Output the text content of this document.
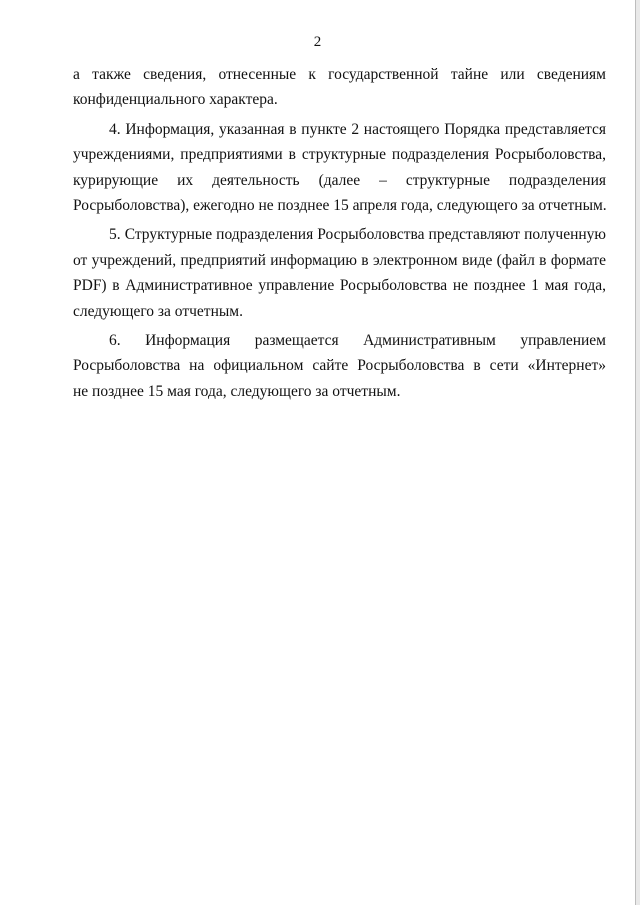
2

а также сведения, отнесенные к государственной тайне или сведениям
конфиденциального характера.

4. Информация, указанная в пункте 2 настоящего Порядка представляется
учреждениями, предприятиями в структурные подразделения Росрыболовства,
курирующие их деятельность (далее – структурные подразделения
Росрыболовства), ежегодно не позднее 15 апреля года, следующего за отчетным.

5. Структурные подразделения Росрыболовства представляют полученную
от учреждений, предприятий информацию в электронном виде (файл в формате
PDF) в Административное управление Росрыболовства не позднее 1 мая года,
следующего за отчетным.

6. Информация размещается Административным управлением
Росрыболовства на официальном сайте Росрыболовства в сети «Интернет»
не позднее 15 мая года, следующего за отчетным.
